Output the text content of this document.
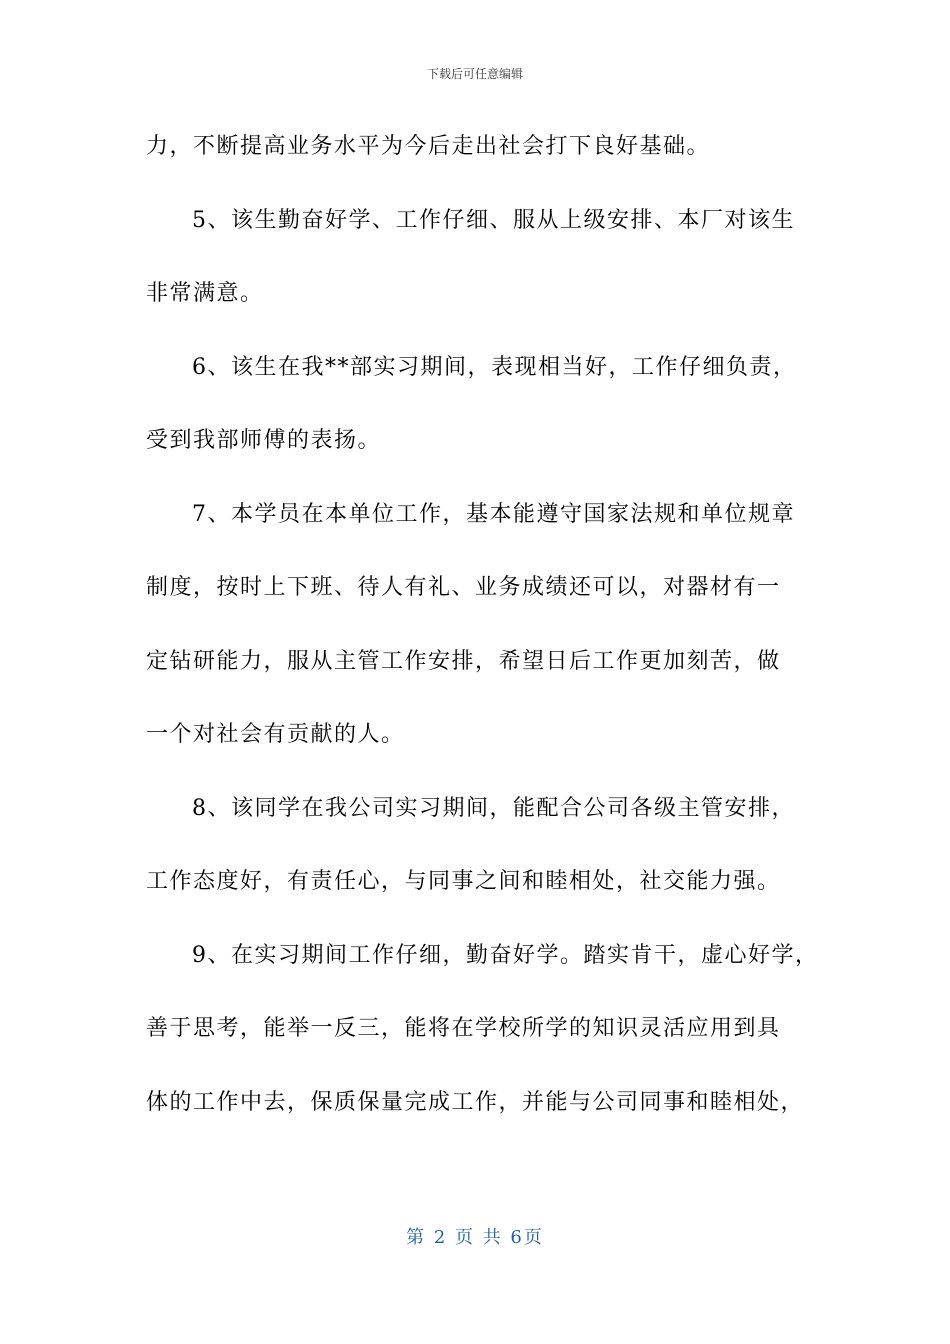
下载后可任意编辑
力，不断提高业务水平为今后走出社会打下良好基础。
5、该生勤奋好学、工作仔细、服从上级安排、本厂对该生
非常满意。
6、该生在我**部实习期间，表现相当好，工作仔细负责，
受到我部师傅的表扬。
7、本学员在本单位工作，基本能遵守国家法规和单位规章
制度，按时上下班、待人有礼、业务成绩还可以，对器材有一
定钻研能力，服从主管工作安排，希望日后工作更加刻苦，做
一个对社会有贡献的人。
8、该同学在我公司实习期间，能配合公司各级主管安排，
工作态度好，有责任心，与同事之间和睦相处，社交能力强。
9、在实习期间工作仔细，勤奋好学。踏实肯干，虚心好学，
善于思考，能举一反三，能将在学校所学的知识灵活应用到具
体的工作中去，保质保量完成工作，并能与公司同事和睦相处，
第 2 页 共 6页
